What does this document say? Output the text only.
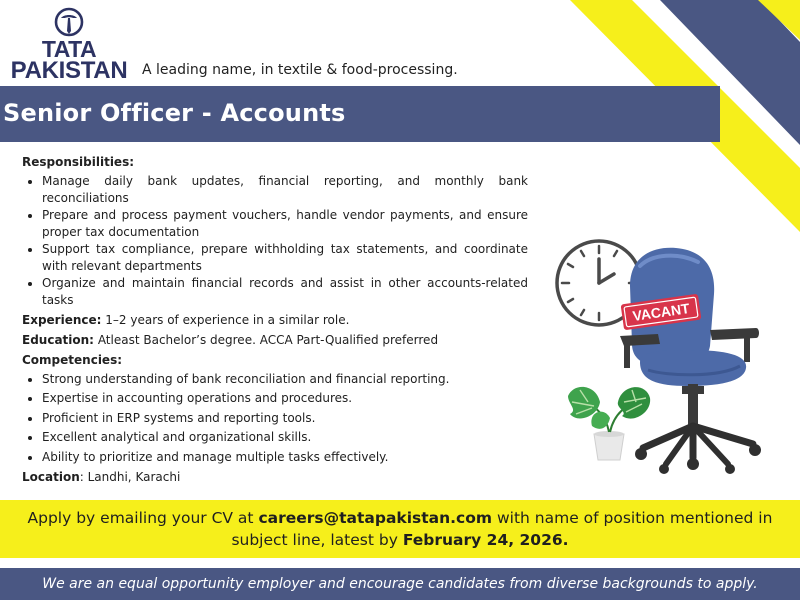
TATA
PAKISTAN	A leading name, in textile & food-processing.
Senior Officer - Accounts
Responsibilities:
• Manage daily bank updates, financial reporting, and monthly bank reconciliations
• Prepare and process payment vouchers, handle vendor payments, and ensure proper tax documentation
• Support tax compliance, prepare withholding tax statements, and coordinate with relevant departments
• Organize and maintain financial records and assist in other accounts-related tasks
Experience: 1–2 years of experience in a similar role.
Education: Atleast Bachelor’s degree. ACCA Part-Qualified preferred
Competencies:
• Strong understanding of bank reconciliation and financial reporting.
• Expertise in accounting operations and procedures.
• Proficient in ERP systems and reporting tools.
• Excellent analytical and organizational skills.
• Ability to prioritize and manage multiple tasks effectively.
Location: Landhi, Karachi
VACANT
Apply by emailing your CV at careers@tatapakistan.com with name of position mentioned in subject line, latest by February 24, 2026.
We are an equal opportunity employer and encourage candidates from diverse backgrounds to apply.
